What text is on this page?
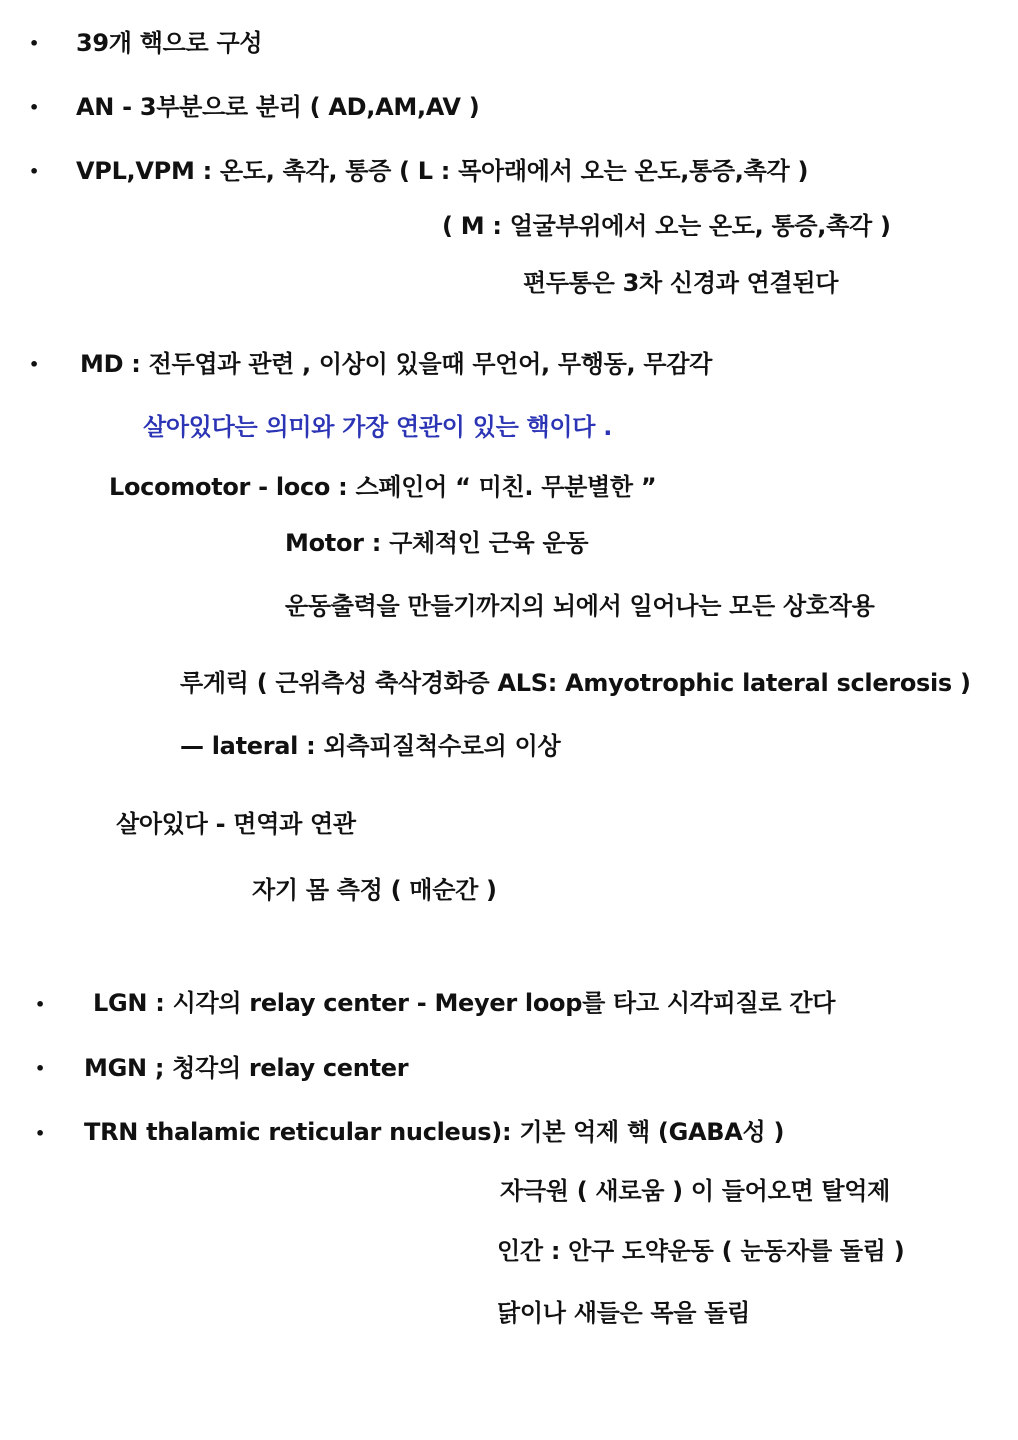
•
•
•
•
•
•
•
39개 핵으로 구성
AN - 3부분으로 분리 ( AD,AM,AV )
VPL,VPM : 온도, 촉각, 통증 ( L : 목아래에서 오는 온도,통증,촉각 )
( M : 얼굴부위에서 오는 온도, 통증,촉각 )
편두통은 3차 신경과 연결된다
MD : 전두엽과 관련 , 이상이 있을때 무언어, 무행동, 무감각
살아있다는 의미와 가장 연관이 있는 핵이다 .
Locomotor - loco : 스페인어 “ 미친. 무분별한 ”
Motor : 구체적인 근육 운동
운동출력을 만들기까지의 뇌에서 일어나는 모든 상호작용
루게릭 ( 근위측성 축삭경화증 ALS: Amyotrophic lateral sclerosis )
— lateral : 외측피질척수로의 이상
살아있다 - 면역과 연관
자기 몸 측정 ( 매순간 )
LGN : 시각의 relay center - Meyer loop를 타고 시각피질로 간다
MGN ; 청각의 relay center
TRN thalamic reticular nucleus): 기본 억제 핵 (GABA성 )
자극원 ( 새로움 ) 이 들어오면 탈억제
인간 : 안구 도약운동 ( 눈동자를 돌림 )
닭이나 새들은 목을 돌림
